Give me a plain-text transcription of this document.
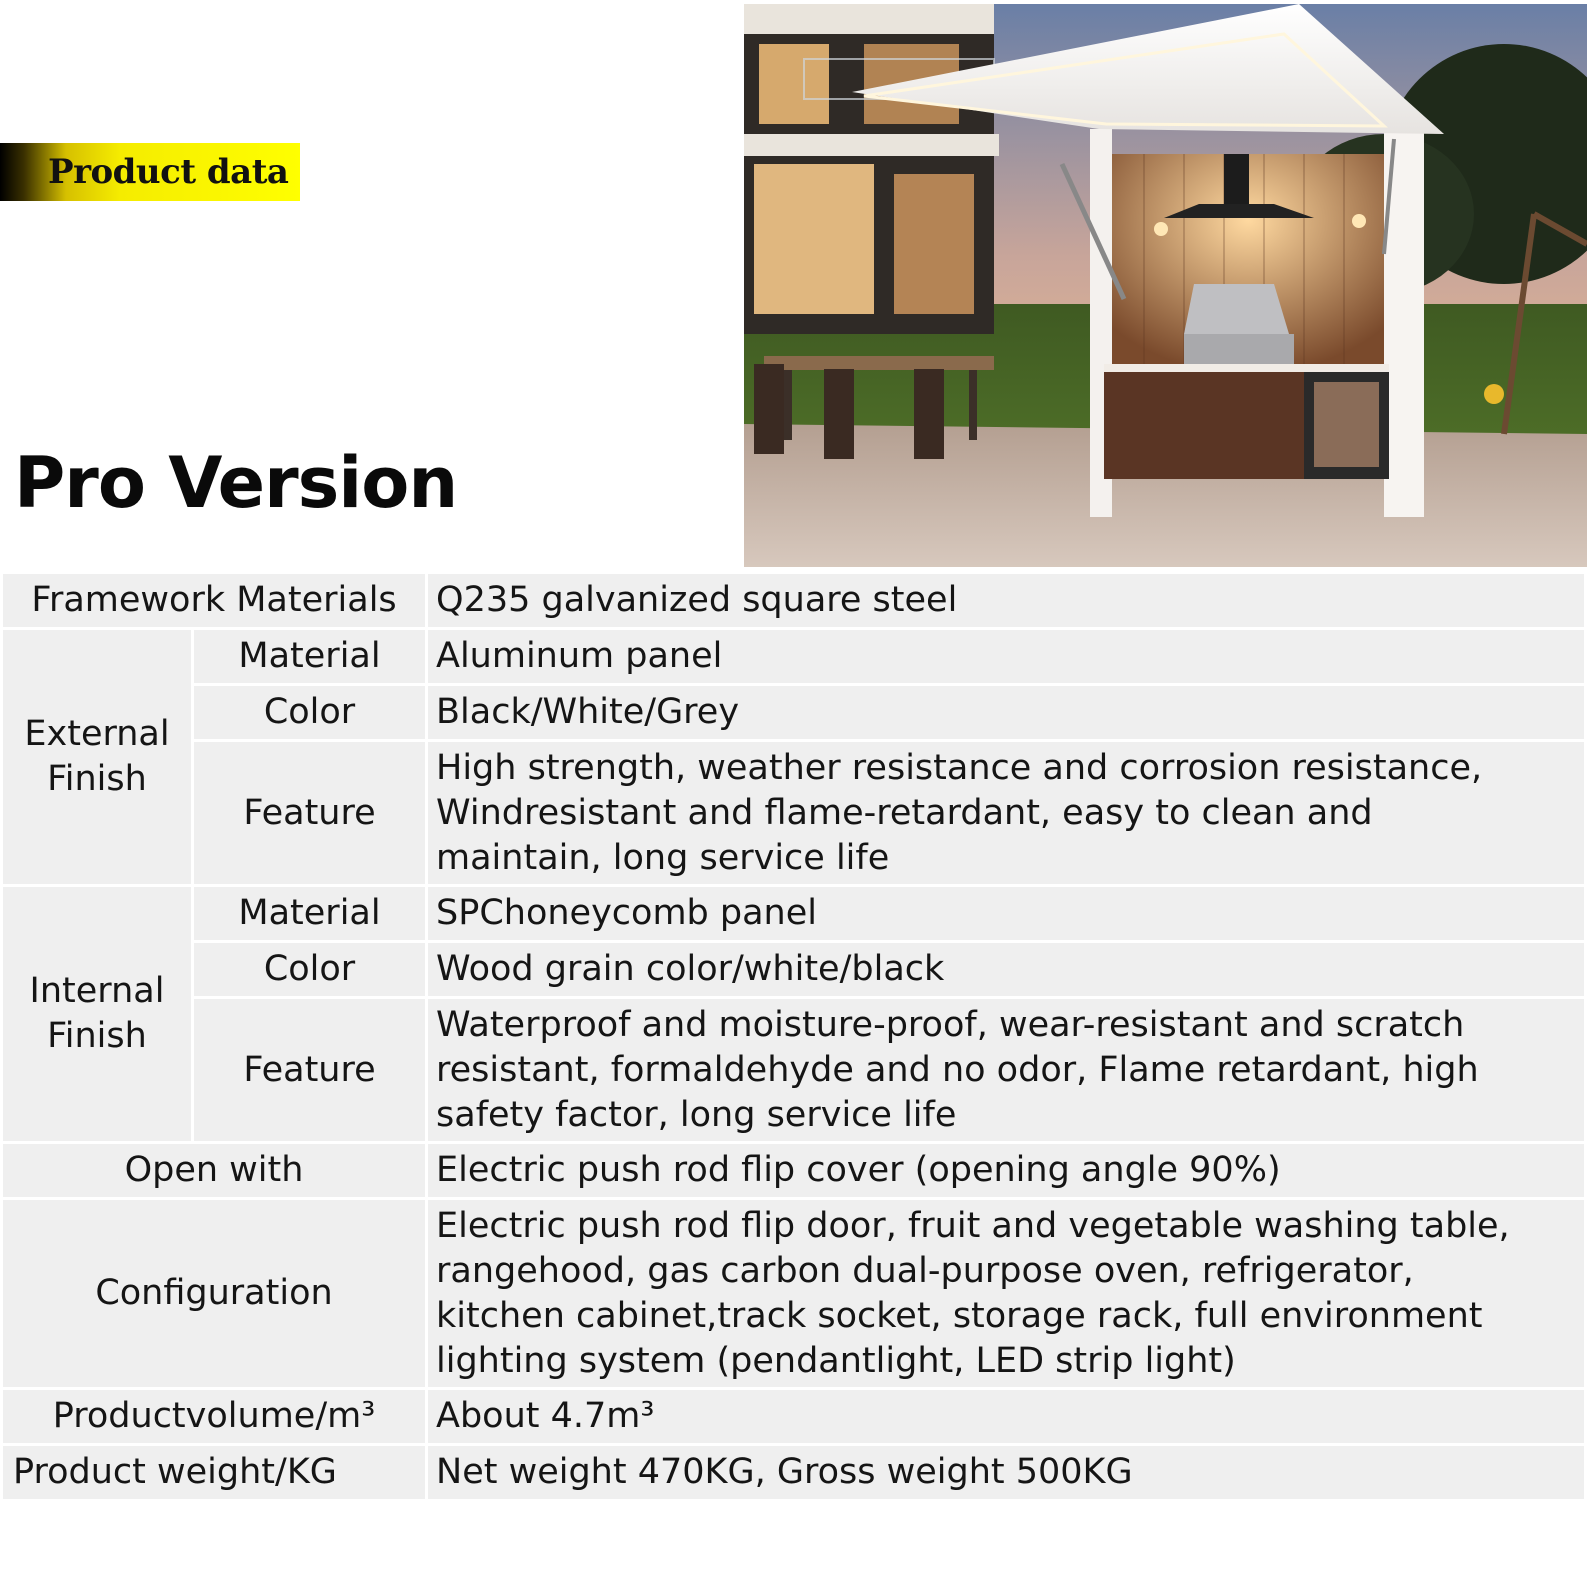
Product data
Pro Version
Framework Materials		Q235 galvanized square steel

External
Finish	Material	Aluminum panel
	Color	Black/White/Grey
	Feature	High strength, weather resistance and corrosion resistance,
Windresistant and flame-retardant, easy to clean and
maintain, long service life

Internal
Finish	Material	SPChoneycomb panel
	Color	Wood grain color/white/black
	Feature	Waterproof and moisture-proof, wear-resistant and scratch
resistant, formaldehyde and no odor, Flame retardant, high
safety factor, long service life

Open with		Electric push rod flip cover (opening angle 90%)
Configuration		Electric push rod flip door, fruit and vegetable washing table,
rangehood, gas carbon dual-purpose oven, refrigerator,
kitchen cabinet,track socket, storage rack, full environment
lighting system (pendantlight, LED strip light)

Productvolume/m³		About 4.7m³
Product weight/KG		Net weight 470KG, Gross weight 500KG
